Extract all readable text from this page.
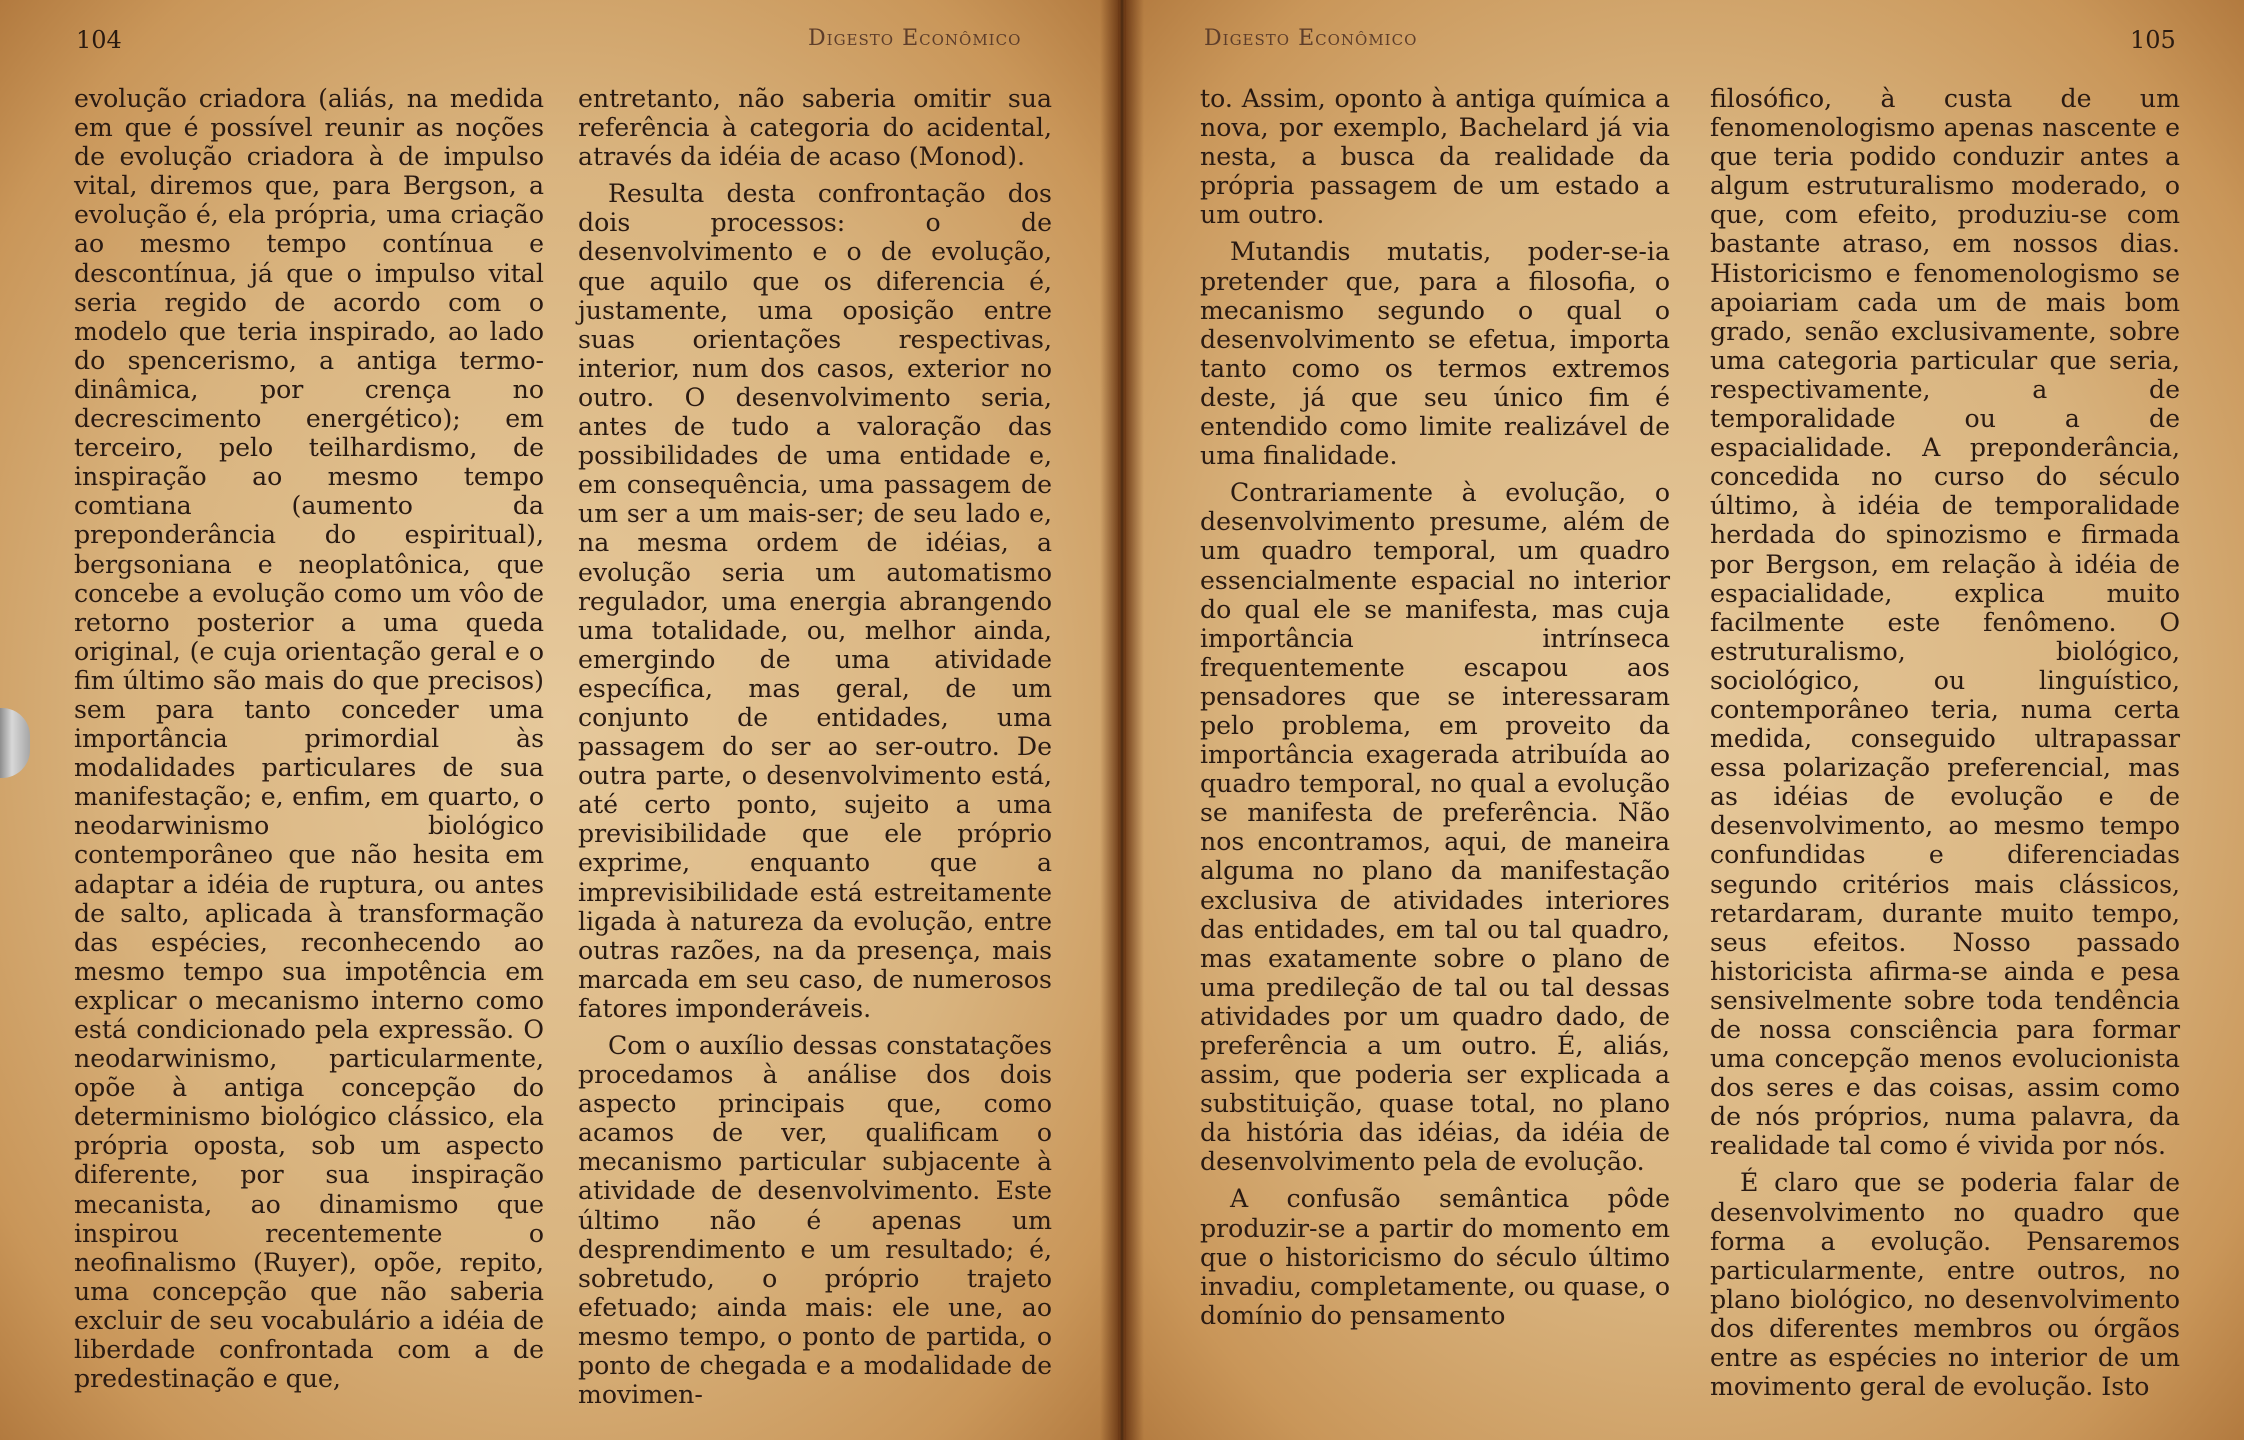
104	Digesto Econômico

evolução criadora (aliás, na medida em que é possível reunir as noções de evolução criadora à de impulso vital, diremos que, para Bergson, a evolução é, ela própria, uma criação ao mesmo tempo contínua e descontínua, já que o impulso vital seria regido de acordo com o modelo que teria inspirado, ao lado do spencerismo, a antiga termo-dinâmica, por crença no decrescimento energético); em terceiro, pelo teilhardismo, de inspiração ao mesmo tempo comtiana (aumento da preponderância do espiritual), bergsoniana e neoplatônica, que concebe a evolução como um vôo de retorno posterior a uma queda original, (e cuja orientação geral e o fim último são mais do que precisos) sem para tanto conceder uma importância primordial às modalidades particulares de sua manifestação; e, enfim, em quarto, o neodarwinismo biológico contemporâneo que não hesita em adaptar a idéia de ruptura, ou antes de salto, aplicada à transformação das espécies, reconhecendo ao mesmo tempo sua impotência em explicar o mecanismo interno como está condicionado pela expressão. O neodarwinismo, particularmente, opõe à antiga concepção do determinismo biológico clássico, ela própria oposta, sob um aspecto diferente, por sua inspiração mecanista, ao dinamismo que inspirou recentemente o neofinalismo (Ruyer), opõe, repito, uma concepção que não saberia excluir de seu vocabulário a idéia de liberdade confrontada com a de predestinação e que,

entretanto, não saberia omitir sua referência à categoria do acidental, através da idéia de acaso (Monod).

Resulta desta confrontação dos dois processos: o de desenvolvimento e o de evolução, que aquilo que os diferencia é, justamente, uma oposição entre suas orientações respectivas, interior, num dos casos, exterior no outro. O desenvolvimento seria, antes de tudo a valoração das possibilidades de uma entidade e, em consequência, uma passagem de um ser a um mais-ser; de seu lado e, na mesma ordem de idéias, a evolução seria um automatismo regulador, uma energia abrangendo uma totalidade, ou, melhor ainda, emergindo de uma atividade específica, mas geral, de um conjunto de entidades, uma passagem do ser ao ser-outro. De outra parte, o desenvolvimento está, até certo ponto, sujeito a uma previsibilidade que ele próprio exprime, enquanto que a imprevisibilidade está estreitamente ligada à natureza da evolução, entre outras razões, na da presença, mais marcada em seu caso, de numerosos fatores imponderáveis.

Com o auxílio dessas constatações procedamos à análise dos dois aspecto principais que, como acamos de ver, qualificam o mecanismo particular subjacente à atividade de desenvolvimento. Este último não é apenas um desprendimento e um resultado; é, sobretudo, o próprio trajeto efetuado; ainda mais: ele une, ao mesmo tempo, o ponto de partida, o ponto de chegada e a modalidade de movimen-

Digesto Econômico	105

to. Assim, oponto à antiga química a nova, por exemplo, Bachelard já via nesta, a busca da realidade da própria passagem de um estado a um outro.

Mutandis mutatis, poder-se-ia pretender que, para a filosofia, o mecanismo segundo o qual o desenvolvimento se efetua, importa tanto como os termos extremos deste, já que seu único fim é entendido como limite realizável de uma finalidade.

Contrariamente à evolução, o desenvolvimento presume, além de um quadro temporal, um quadro essencialmente espacial no interior do qual ele se manifesta, mas cuja importância intrínseca frequentemente escapou aos pensadores que se interessaram pelo problema, em proveito da importância exagerada atribuída ao quadro temporal, no qual a evolução se manifesta de preferência. Não nos encontramos, aqui, de maneira alguma no plano da manifestação exclusiva de atividades interiores das entidades, em tal ou tal quadro, mas exatamente sobre o plano de uma predileção de tal ou tal dessas atividades por um quadro dado, de preferência a um outro. É, aliás, assim, que poderia ser explicada a substituição, quase total, no plano da história das idéias, da idéia de desenvolvimento pela de evolução.

A confusão semântica pôde produzir-se a partir do momento em que o historicismo do século último invadiu, completamente, ou quase, o domínio do pensamento

filosófico, à custa de um fenomenologismo apenas nascente e que teria podido conduzir antes a algum estruturalismo moderado, o que, com efeito, produziu-se com bastante atraso, em nossos dias. Historicismo e fenomenologismo se apoiariam cada um de mais bom grado, senão exclusivamente, sobre uma categoria particular que seria, respectivamente, a de temporalidade ou a de espacialidade. A preponderância, concedida no curso do século último, à idéia de temporalidade herdada do spinozismo e firmada por Bergson, em relação à idéia de espacialidade, explica muito facilmente este fenômeno. O estruturalismo, biológico, sociológico, ou linguístico, contemporâneo teria, numa certa medida, conseguido ultrapassar essa polarização preferencial, mas as idéias de evolução e de desenvolvimento, ao mesmo tempo confundidas e diferenciadas segundo critérios mais clássicos, retardaram, durante muito tempo, seus efeitos. Nosso passado historicista afirma-se ainda e pesa sensivelmente sobre toda tendência de nossa consciência para formar uma concepção menos evolucionista dos seres e das coisas, assim como de nós próprios, numa palavra, da realidade tal como é vivida por nós.

É claro que se poderia falar de desenvolvimento no quadro que forma a evolução. Pensaremos particularmente, entre outros, no plano biológico, no desenvolvimento dos diferentes membros ou órgãos entre as espécies no interior de um movimento geral de evolução. Isto
